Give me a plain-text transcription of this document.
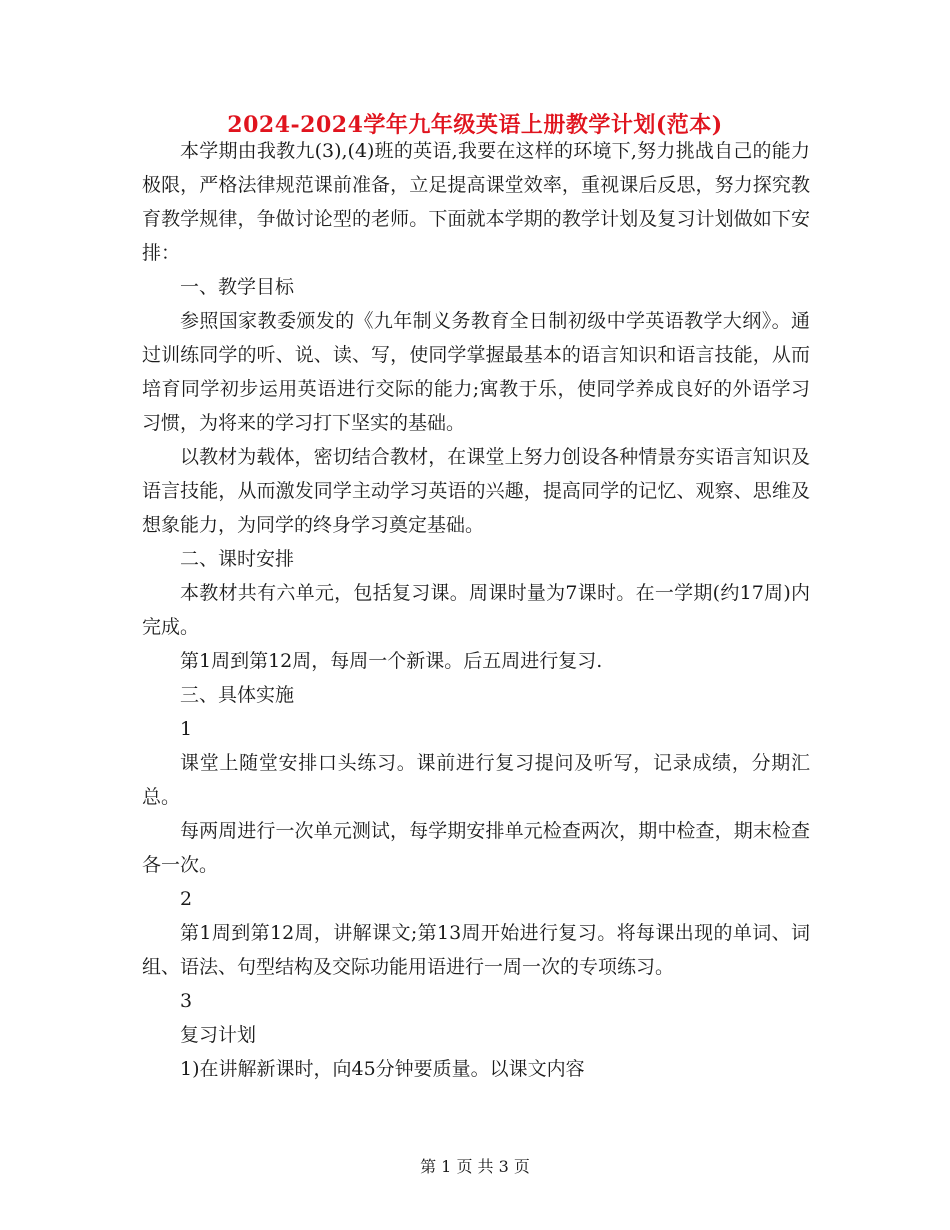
2024-2024学年九年级英语上册教学计划(范本)

本学期由我教九(3),(4)班的英语,我要在这样的环境下,努力挑战自己的能力极限，严格法律规范课前准备，立足提高课堂效率，重视课后反思，努力探究教育教学规律，争做讨论型的老师。下面就本学期的教学计划及复习计划做如下安排：

一、教学目标

参照国家教委颁发的《九年制义务教育全日制初级中学英语教学大纲》。通过训练同学的听、说、读、写，使同学掌握最基本的语言知识和语言技能，从而培育同学初步运用英语进行交际的能力;寓教于乐，使同学养成良好的外语学习习惯，为将来的学习打下坚实的基础。

以教材为载体，密切结合教材，在课堂上努力创设各种情景夯实语言知识及语言技能，从而激发同学主动学习英语的兴趣，提高同学的记忆、观察、思维及想象能力，为同学的终身学习奠定基础。

二、课时安排

本教材共有六单元，包括复习课。周课时量为7课时。在一学期(约17周)内完成。

第1周到第12周，每周一个新课。后五周进行复习.

三、具体实施

1

课堂上随堂安排口头练习。课前进行复习提问及听写，记录成绩，分期汇总。

每两周进行一次单元测试，每学期安排单元检查两次，期中检查，期末检查各一次。

2

第1周到第12周，讲解课文;第13周开始进行复习。将每课出现的单词、词组、语法、句型结构及交际功能用语进行一周一次的专项练习。

3

复习计划

1)在讲解新课时，向45分钟要质量。以课文内容

第 1 页 共 3 页
